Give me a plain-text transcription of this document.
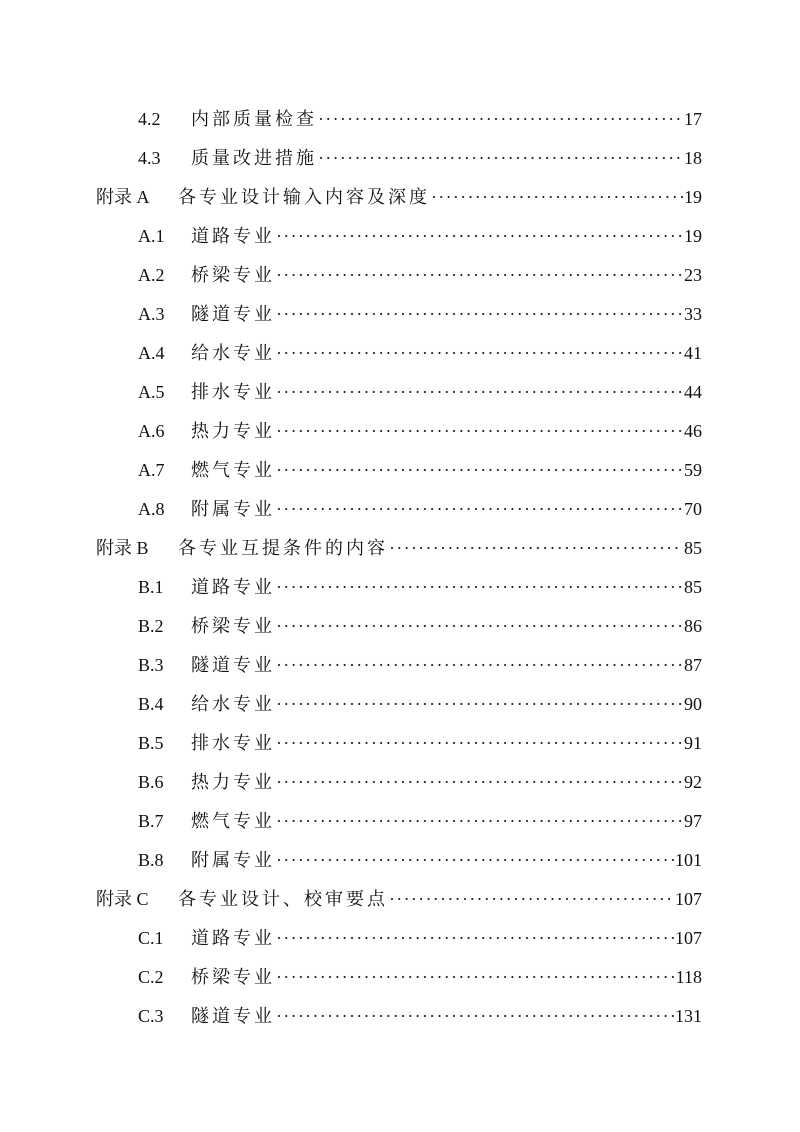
4.2	内部质量检查 ·····	17
4.3	质量改进措施 ·····	18
附录 A	各专业设计输入内容及深度 ·····	19
A.1	道路专业 ·····	19
A.2	桥梁专业 ·····	23
A.3	隧道专业 ·····	33
A.4	给水专业 ·····	41
A.5	排水专业 ·····	44
A.6	热力专业 ·····	46
A.7	燃气专业 ·····	59
A.8	附属专业 ·····	70
附录 B	各专业互提条件的内容 ·····	85
B.1	道路专业 ·····	85
B.2	桥梁专业 ·····	86
B.3	隧道专业 ·····	87
B.4	给水专业 ·····	90
B.5	排水专业 ·····	91
B.6	热力专业 ·····	92
B.7	燃气专业 ·····	97
B.8	附属专业 ·····	101
附录 C	各专业设计、校审要点 ·····	107
C.1	道路专业 ·····	107
C.2	桥梁专业 ·····	118
C.3	隧道专业 ·····	131
